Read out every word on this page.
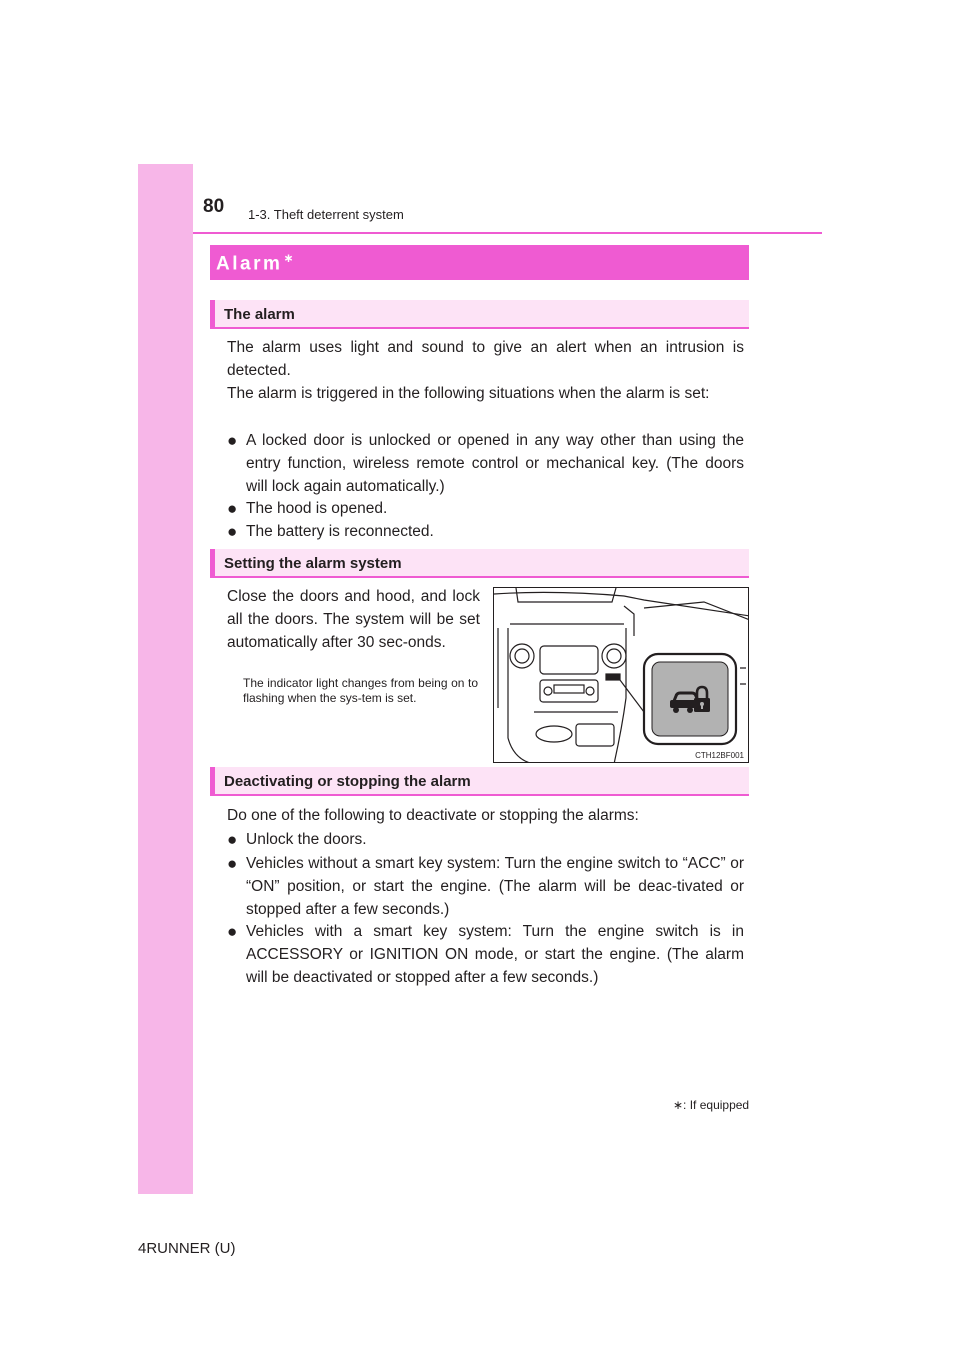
80 1-3. Theft deterrent system
Alarm∗
The alarm
The alarm uses light and sound to give an alert when an intrusion is detected.
The alarm is triggered in the following situations when the alarm is set:
● A locked door is unlocked or opened in any way other than using the entry function, wireless remote control or mechanical key. (The doors will lock again automatically.)
● The hood is opened.
● The battery is reconnected.
Setting the alarm system
Close the doors and hood, and lock all the doors. The system will be set automatically after 30 sec-onds.
The indicator light changes from being on to flashing when the sys-tem is set.
CTH12BF001
Deactivating or stopping the alarm
Do one of the following to deactivate or stopping the alarms:
● Unlock the doors.
● Vehicles without a smart key system: Turn the engine switch to “ACC” or “ON” position, or start the engine. (The alarm will be deac-tivated or stopped after a few seconds.)
● Vehicles with a smart key system: Turn the engine switch is in ACCESSORY or IGNITION ON mode, or start the engine. (The alarm will be deactivated or stopped after a few seconds.)
∗: If equipped
4RUNNER (U)
